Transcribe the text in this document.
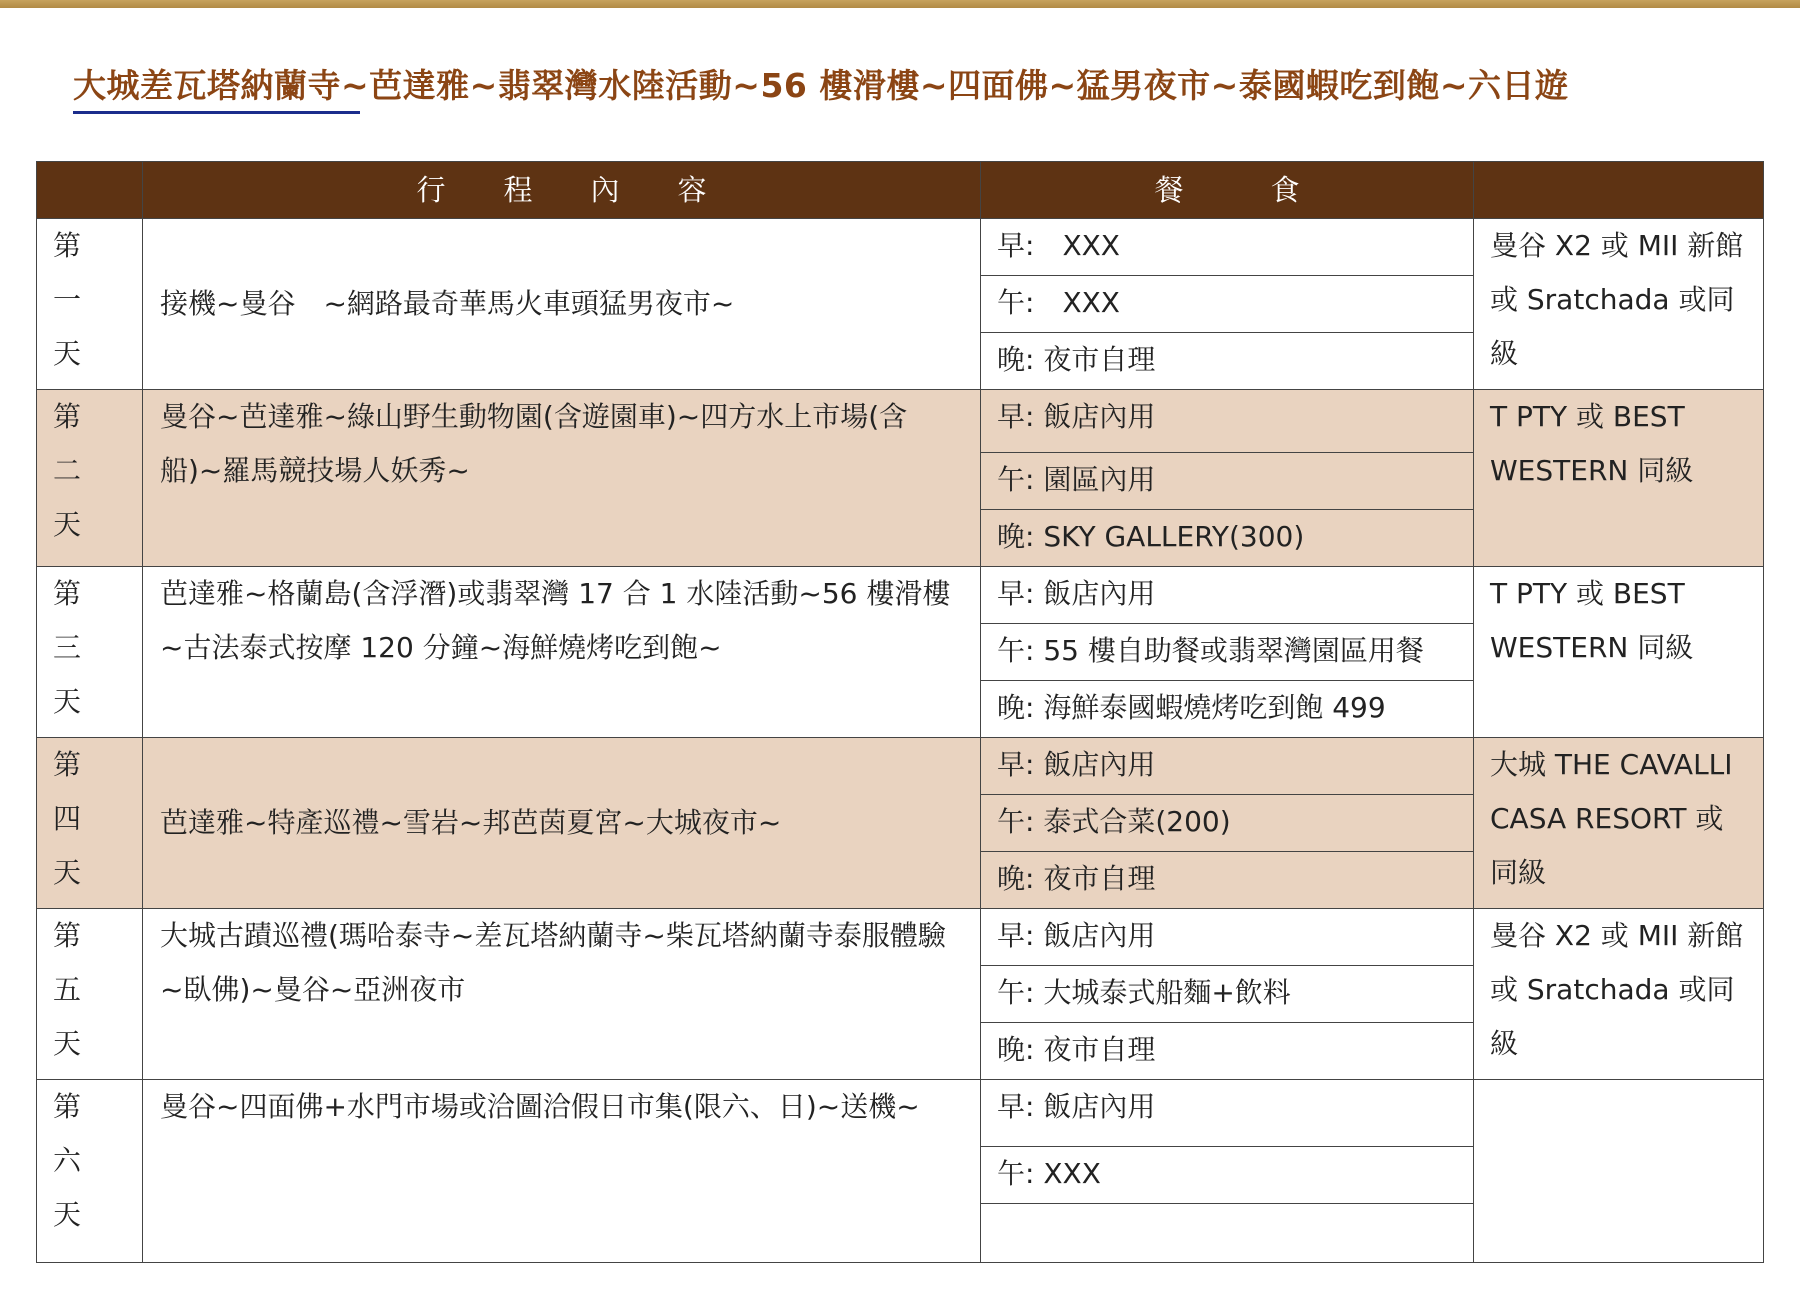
大城差瓦塔納蘭寺~芭達雅~翡翠灣水陸活動~56 樓滑樓~四面佛~猛男夜市~泰國蝦吃到飽~六日遊
	行　　程　　內　　容	餐　　　食	

第
一
天	接機~曼谷　~網路最奇華馬火車頭猛男夜市~	早:　XXX	曼谷 X2 或 MII 新館或 Sratchada 或同級
		午:　XXX	
		晚: 夜市自理	

第
二
天	曼谷~芭達雅~綠山野生動物園(含遊園車)~四方水上市場(含船)~羅馬競技場人妖秀~	早: 飯店內用	T PTY 或 BEST WESTERN 同級
		午: 園區內用	
		晚: SKY GALLERY(300)	

第
三
天	芭達雅~格蘭島(含浮潛)或翡翠灣 17 合 1 水陸活動~56 樓滑樓~古法泰式按摩 120 分鐘~海鮮燒烤吃到飽~	早: 飯店內用	T PTY 或 BEST WESTERN 同級
		午: 55 樓自助餐或翡翠灣園區用餐	
		晚: 海鮮泰國蝦燒烤吃到飽 499	

第
四
天	芭達雅~特產巡禮~雪岩~邦芭茵夏宮~大城夜市~	早: 飯店內用	大城 THE CAVALLI CASA RESORT 或同級
		午: 泰式合菜(200)	
		晚: 夜市自理	

第
五
天	大城古蹟巡禮(瑪哈泰寺~差瓦塔納蘭寺~柴瓦塔納蘭寺泰服體驗~臥佛)~曼谷~亞洲夜市	早: 飯店內用	曼谷 X2 或 MII 新館或 Sratchada 或同級
		午: 大城泰式船麵+飲料	
		晚: 夜市自理	

第
六
天	曼谷~四面佛+水門市場或洽圖洽假日市集(限六、日)~送機~	早: 飯店內用	
		午: XXX	
